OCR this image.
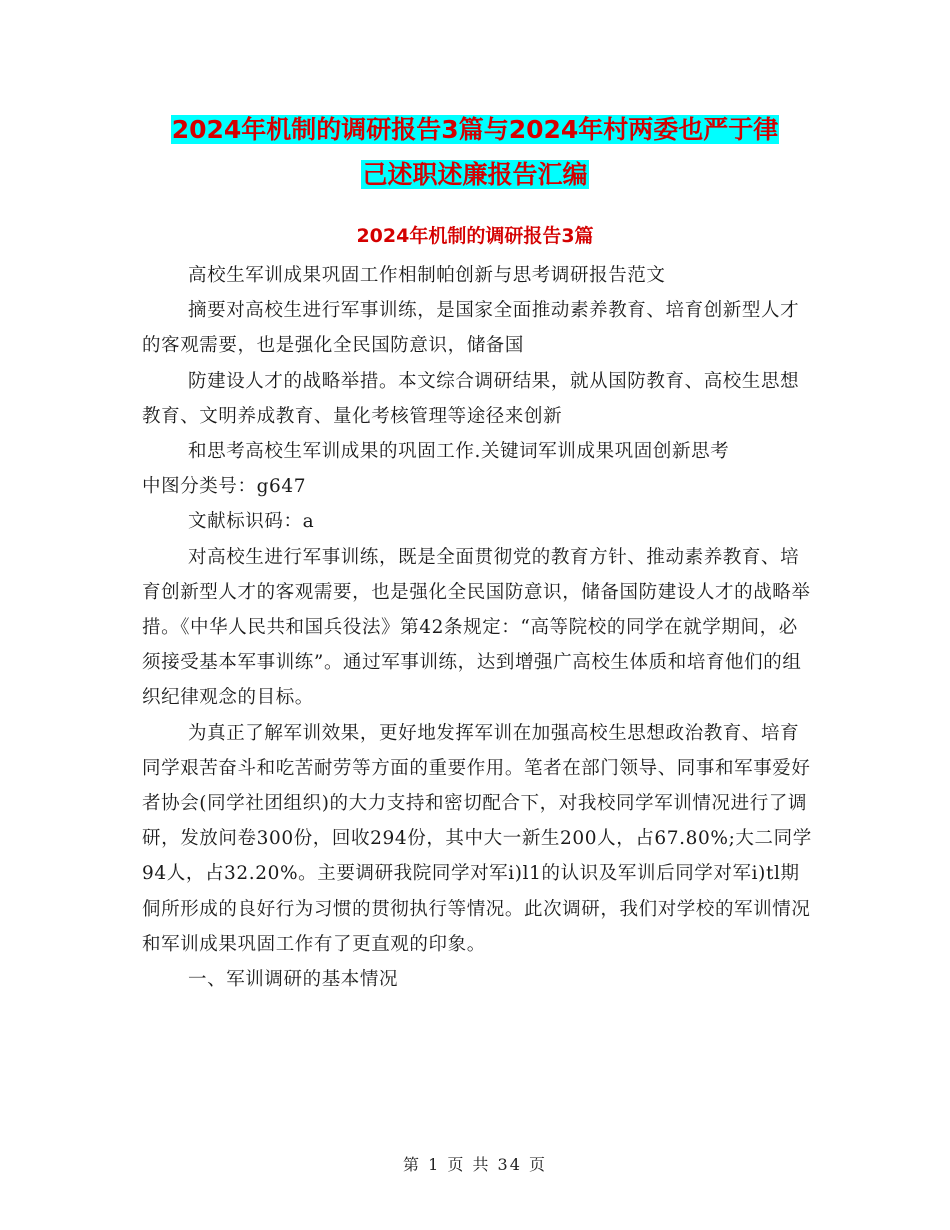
2024年机制的调研报告3篇与2024年村两委也严于律
己述职述廉报告汇编
2024年机制的调研报告3篇

高校生军训成果巩固工作相制帕创新与思考调研报告范文

摘要对高校生进行军事训练，是国家全面推动素养教育、培育创新型人才的客观需要，也是强化全民国防意识，储备国

防建设人才的战略举措。本文综合调研结果，就从国防教育、高校生思想教育、文明养成教育、量化考核管理等途径来创新

和思考高校生军训成果的巩固工作.关键词军训成果巩固创新思考

中图分类号：g647

文献标识码：a

对高校生进行军事训练，既是全面贯彻党的教育方针、推动素养教育、培育创新型人才的客观需要，也是强化全民国防意识，储备国防建设人才的战略举措。《中华人民共和国兵役法》第42条规定：“高等院校的同学在就学期间，必须接受基本军事训练”。通过军事训练，达到增强广高校生体质和培育他们的组织纪律观念的目标。

为真正了解军训效果，更好地发挥军训在加强高校生思想政治教育、培育同学艰苦奋斗和吃苦耐劳等方面的重要作用。笔者在部门领导、同事和军事爱好者协会(同学社团组织)的大力支持和密切配合下，对我校同学军训情况进行了调研，发放问卷300份，回收294份，其中大一新生200人，占67.80%;大二同学94人，占32.20%。主要调研我院同学对军i)l1的认识及军训后同学对军i)tl期侗所形成的良好行为习惯的贯彻执行等情况。此次调研，我们对学校的军训情况和军训成果巩固工作有了更直观的印象。

一、军训调研的基本情况

第 1 页 共 34 页
